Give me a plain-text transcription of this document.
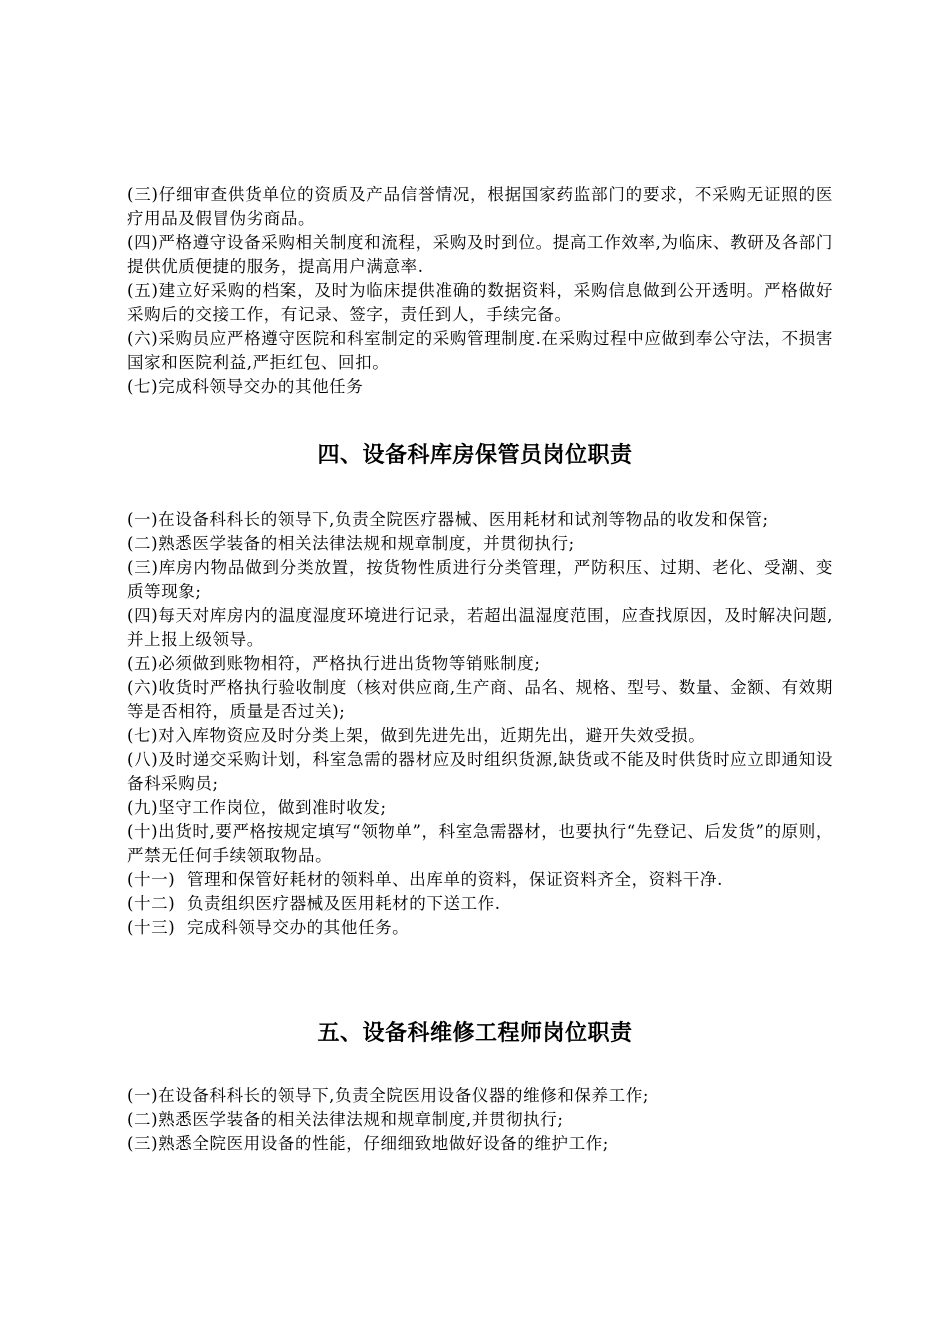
(三)仔细审查供货单位的资质及产品信誉情况，根据国家药监部门的要求，不采购无证照的医疗用品及假冒伪劣商品。

(四)严格遵守设备采购相关制度和流程，采购及时到位。提高工作效率,为临床、教研及各部门提供优质便捷的服务，提高用户满意率.

(五)建立好采购的档案，及时为临床提供准确的数据资料，采购信息做到公开透明。严格做好采购后的交接工作，有记录、签字，责任到人，手续完备。

(六)采购员应严格遵守医院和科室制定的采购管理制度.在采购过程中应做到奉公守法，不损害国家和医院利益,严拒红包、回扣。

(七)完成科领导交办的其他任务

四、设备科库房保管员岗位职责

(一)在设备科科长的领导下,负责全院医疗器械、医用耗材和试剂等物品的收发和保管;

(二)熟悉医学装备的相关法律法规和规章制度，并贯彻执行;

(三)库房内物品做到分类放置，按货物性质进行分类管理，严防积压、过期、老化、受潮、变质等现象;

(四)每天对库房内的温度湿度环境进行记录，若超出温湿度范围，应查找原因，及时解决问题,并上报上级领导。

(五)必须做到账物相符，严格执行进出货物等销账制度;

(六)收货时严格执行验收制度（核对供应商,生产商、品名、规格、型号、数量、金额、有效期等是否相符，质量是否过关);

(七)对入库物资应及时分类上架，做到先进先出，近期先出，避开失效受损。

(八)及时递交采购计划，科室急需的器材应及时组织货源,缺货或不能及时供货时应立即通知设备科采购员;

(九)坚守工作岗位，做到准时收发;

(十)出货时,要严格按规定填写“领物单”，科室急需器材，也要执行“先登记、后发货”的原则，严禁无任何手续领取物品。

(十一)  管理和保管好耗材的领料单、出库单的资料，保证资料齐全，资料干净.

(十二)  负责组织医疗器械及医用耗材的下送工作.

(十三)  完成科领导交办的其他任务。

五、设备科维修工程师岗位职责

(一)在设备科科长的领导下,负责全院医用设备仪器的维修和保养工作;

(二)熟悉医学装备的相关法律法规和规章制度,并贯彻执行;

(三)熟悉全院医用设备的性能，仔细细致地做好设备的维护工作;
